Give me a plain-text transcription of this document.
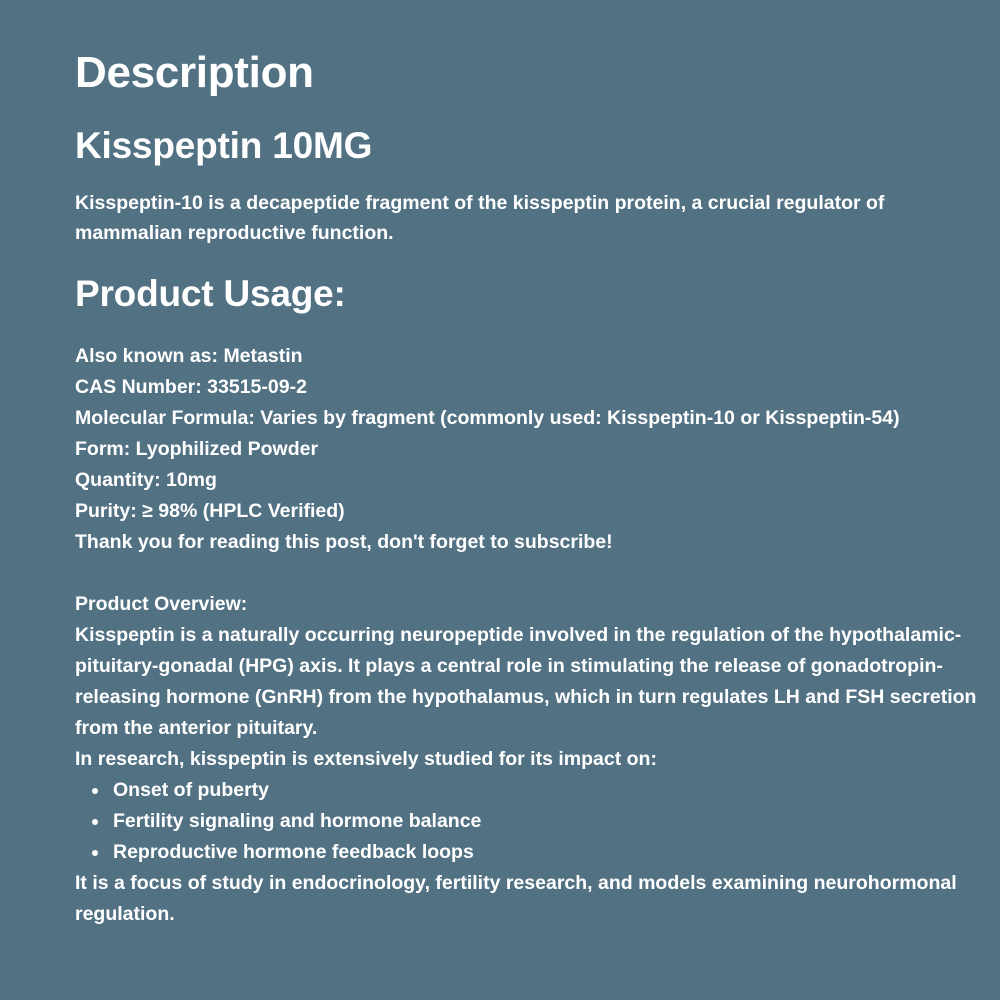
Description
Kisspeptin 10MG

Kisspeptin-10 is a decapeptide fragment of the kisspeptin protein, a crucial regulator of mammalian reproductive function.

Product Usage:
Also known as: Metastin
CAS Number: 33515-09-2
Molecular Formula: Varies by fragment (commonly used: Kisspeptin-10 or Kisspeptin-54)
Form: Lyophilized Powder
Quantity: 10mg
Purity: ≥ 98% (HPLC Verified)
Thank you for reading this post, don't forget to subscribe!
Product Overview:

Kisspeptin is a naturally occurring neuropeptide involved in the regulation of the hypothalamic-pituitary-gonadal (HPG) axis. It plays a central role in stimulating the release of gonadotropin-releasing hormone (GnRH) from the hypothalamus, which in turn regulates LH and FSH secretion from the anterior pituitary.

In research, kisspeptin is extensively studied for its impact on:

Onset of puberty
Fertility signaling and hormone balance
Reproductive hormone feedback loops

It is a focus of study in endocrinology, fertility research, and models examining neurohormonal regulation.
